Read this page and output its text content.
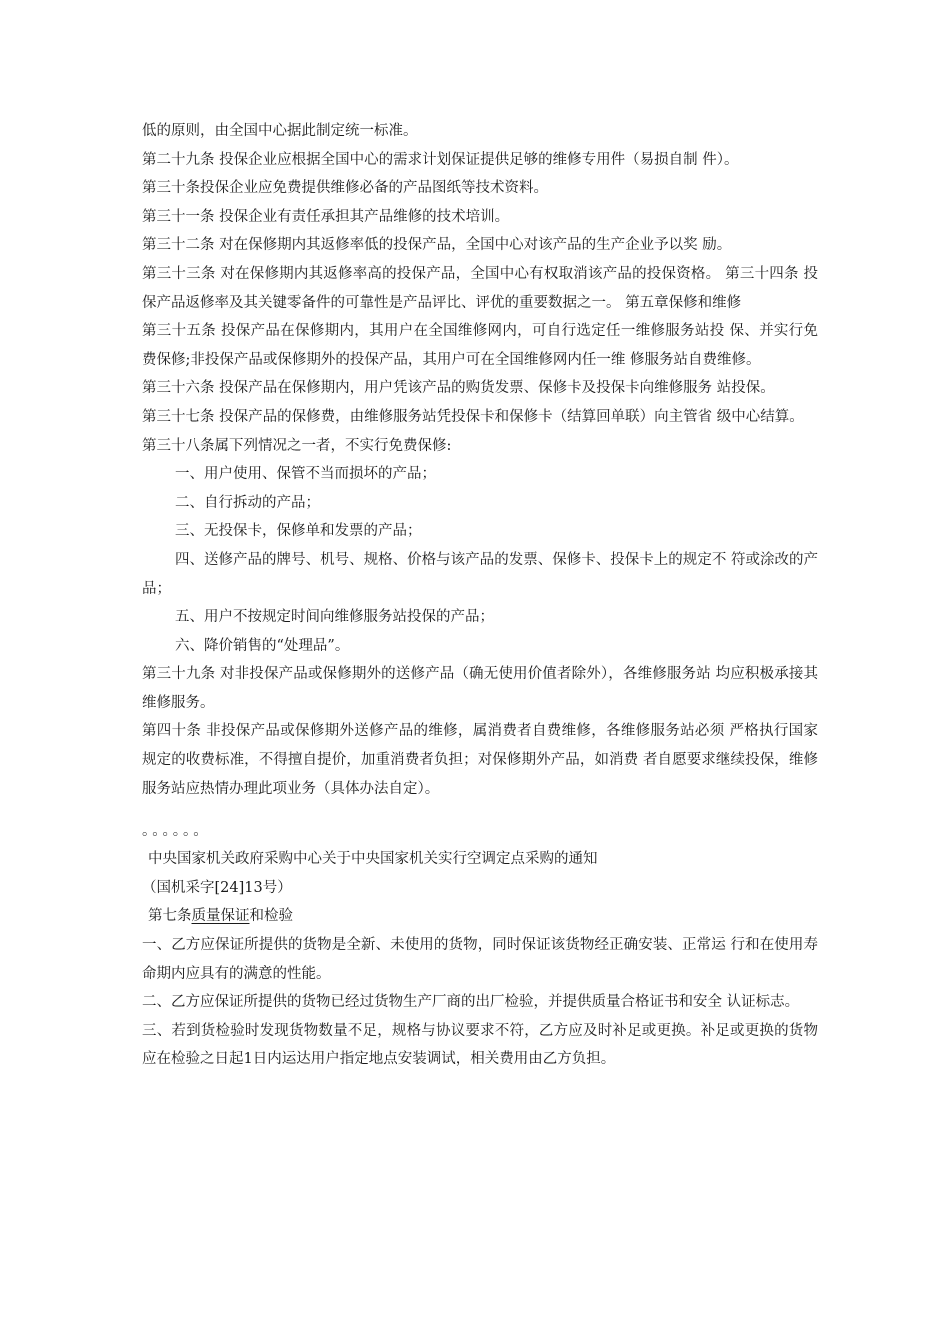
低的原则，由全国中心据此制定统一标准。

第二十九条 投保企业应根据全国中心的需求计划保证提供足够的维修专用件（易损自制 件）。

第三十条投保企业应免费提供维修必备的产品图纸等技术资料。

第三十一条 投保企业有责任承担其产品维修的技术培训。

第三十二条 对在保修期内其返修率低的投保产品，全国中心对该产品的生产企业予以奖 励。

第三十三条 对在保修期内其返修率高的投保产品，全国中心有权取消该产品的投保资格。 第三十四条 投保产品返修率及其关键零备件的可靠性是产品评比、评优的重要数据之一。 第五章保修和维修

第三十五条 投保产品在保修期内，其用户在全国维修网内，可自行选定任一维修服务站投 保、并实行免费保修;非投保产品或保修期外的投保产品，其用户可在全国维修网内任一维 修服务站自费维修。

第三十六条 投保产品在保修期内，用户凭该产品的购货发票、保修卡及投保卡向维修服务 站投保。

第三十七条 投保产品的保修费，由维修服务站凭投保卡和保修卡（结算回单联）向主管省 级中心结算。

第三十八条属下列情况之一者，不实行免费保修:

一、用户使用、保管不当而损坏的产品；

二、自行拆动的产品；

三、无投保卡，保修单和发票的产品；

四、送修产品的牌号、机号、规格、价格与该产品的发票、保修卡、投保卡上的规定不 符或涂改的产品；

五、用户不按规定时间向维修服务站投保的产品；

六、降价销售的“处理品”。

第三十九条 对非投保产品或保修期外的送修产品（确无使用价值者除外），各维修服务站 均应积极承接其维修服务。

第四十条 非投保产品或保修期外送修产品的维修，属消费者自费维修，各维修服务站必须 严格执行国家规定的收费标准，不得擅自提价，加重消费者负担；对保修期外产品，如消费 者自愿要求继续投保，维修服务站应热情办理此项业务（具体办法自定）。

。。。。。。

中央国家机关政府采购中心关于中央国家机关实行空调定点采购的通知

（国机采字[24]13号）

第七条质量保证和检验

一、乙方应保证所提供的货物是全新、未使用的货物，同时保证该货物经正确安装、正常运 行和在使用寿命期内应具有的满意的性能。

二、乙方应保证所提供的货物已经过货物生产厂商的出厂检验，并提供质量合格证书和安全 认证标志。

三、若到货检验时发现货物数量不足，规格与协议要求不符，乙方应及时补足或更换。补足或更换的货物应在检验之日起1日内运达用户指定地点安装调试，相关费用由乙方负担。
